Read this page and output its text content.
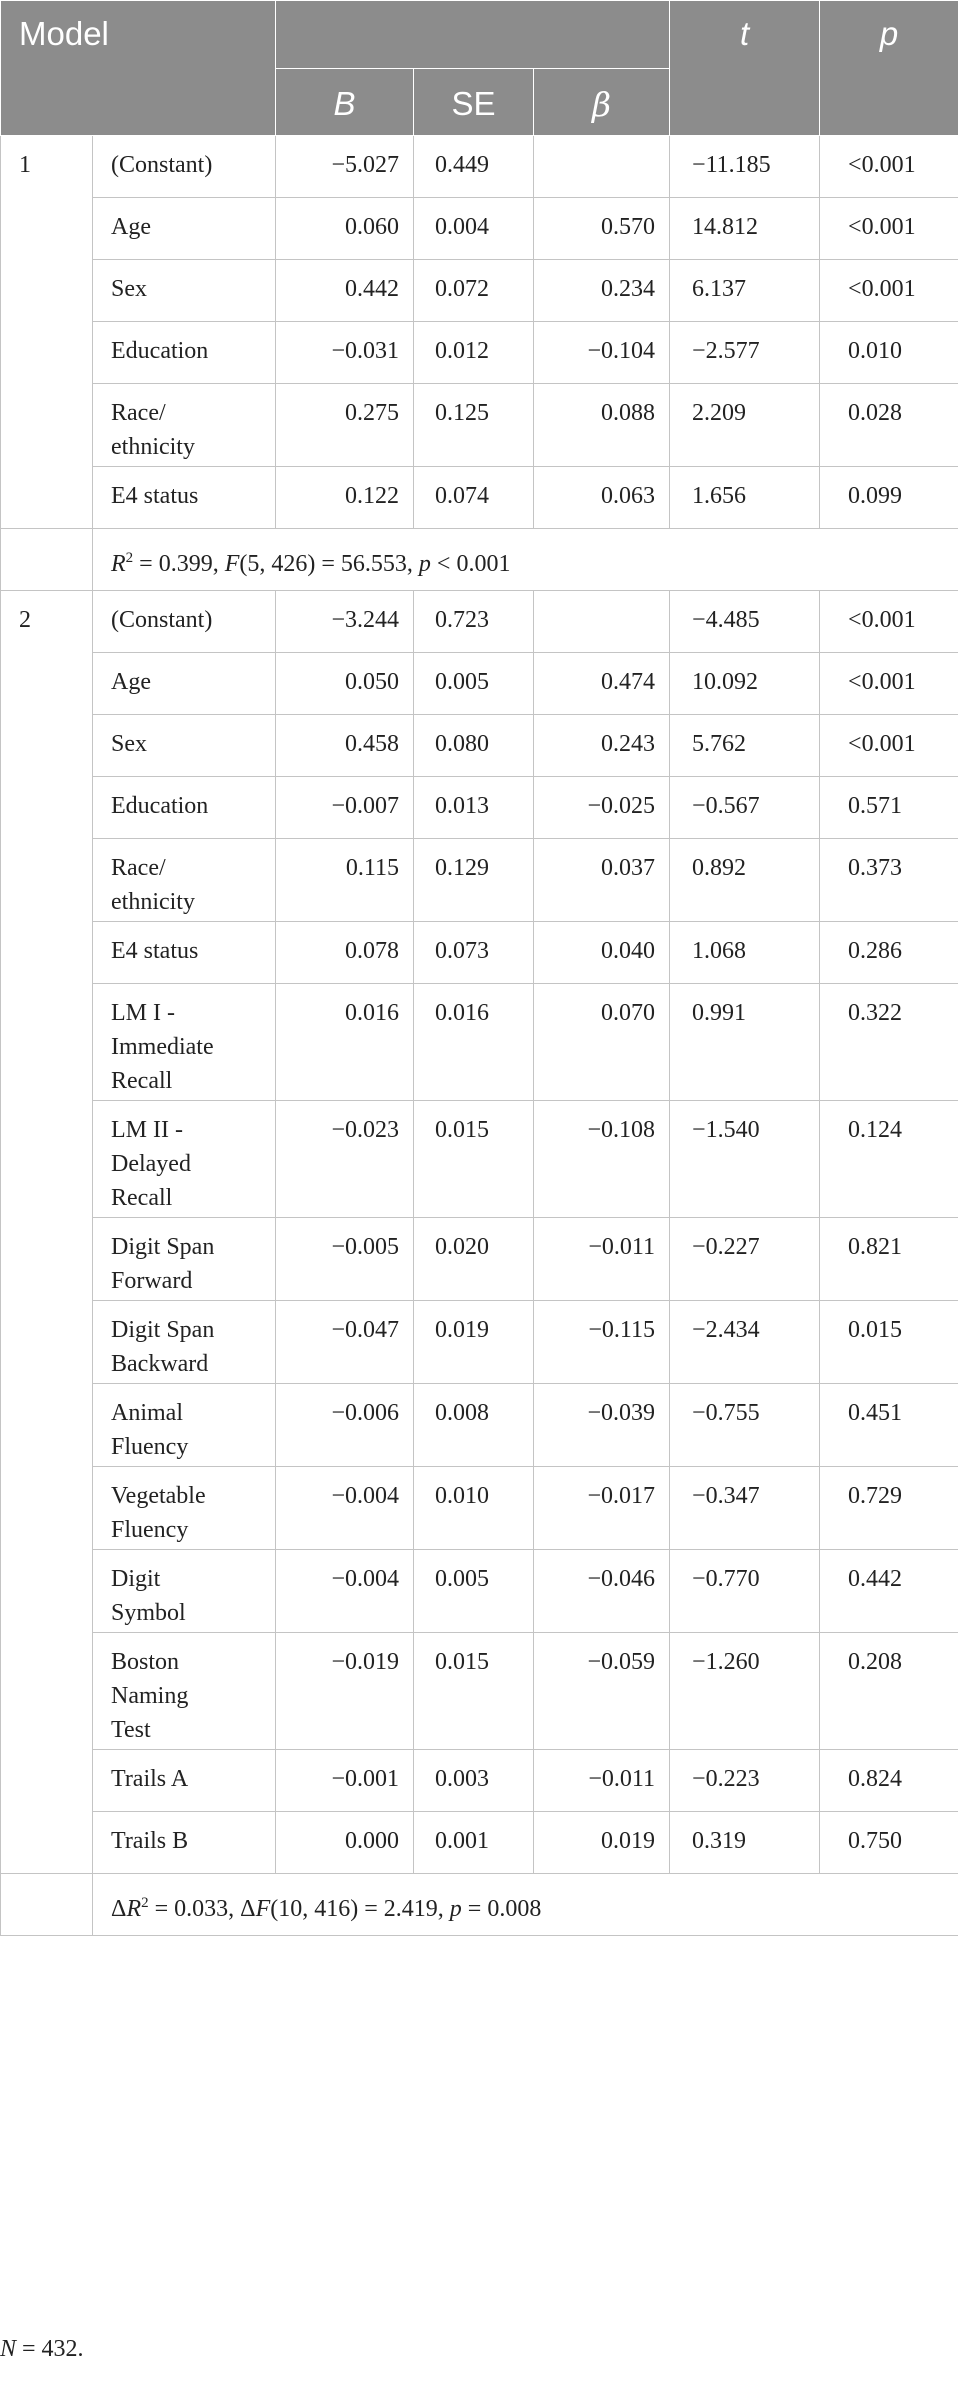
Model					t	p
		B	SE	β		
1	(Constant)	−5.027	0.449		−11.185	<0.001
	Age	0.060	0.004	0.570	14.812	<0.001
	Sex	0.442	0.072	0.234	6.137	<0.001
	Education	−0.031	0.012	−0.104	−2.577	0.010
	Race/
ethnicity	0.275	0.125	0.088	2.209	0.028
	E4 status	0.122	0.074	0.063	1.656	0.099
	$R^2 = 0.399$, F(5, 426) = 56.553, p < 0.001					
2	(Constant)	−3.244	0.723		−4.485	<0.001
	Age	0.050	0.005	0.474	10.092	<0.001
	Sex	0.458	0.080	0.243	5.762	<0.001
	Education	−0.007	0.013	−0.025	−0.567	0.571
	Race/
ethnicity	0.115	0.129	0.037	0.892	0.373
	E4 status	0.078	0.073	0.040	1.068	0.286
	LM I -
Immediate
Recall	0.016	0.016	0.070	0.991	0.322
	LM II -
Delayed
Recall	−0.023	0.015	−0.108	−1.540	0.124
	Digit Span
Forward	−0.005	0.020	−0.011	−0.227	0.821
	Digit Span
Backward	−0.047	0.019	−0.115	−2.434	0.015
	Animal
Fluency	−0.006	0.008	−0.039	−0.755	0.451
	Vegetable
Fluency	−0.004	0.010	−0.017	−0.347	0.729
	Digit
Symbol	−0.004	0.005	−0.046	−0.770	0.442
	Boston
Naming
Test	−0.019	0.015	−0.059	−1.260	0.208
	Trails A	−0.001	0.003	−0.011	−0.223	0.824
	Trails B	0.000	0.001	0.019	0.319	0.750
	$\Delta R^2 = 0.033$, ΔF(10, 416) = 2.419, p = 0.008					
N = 432.
